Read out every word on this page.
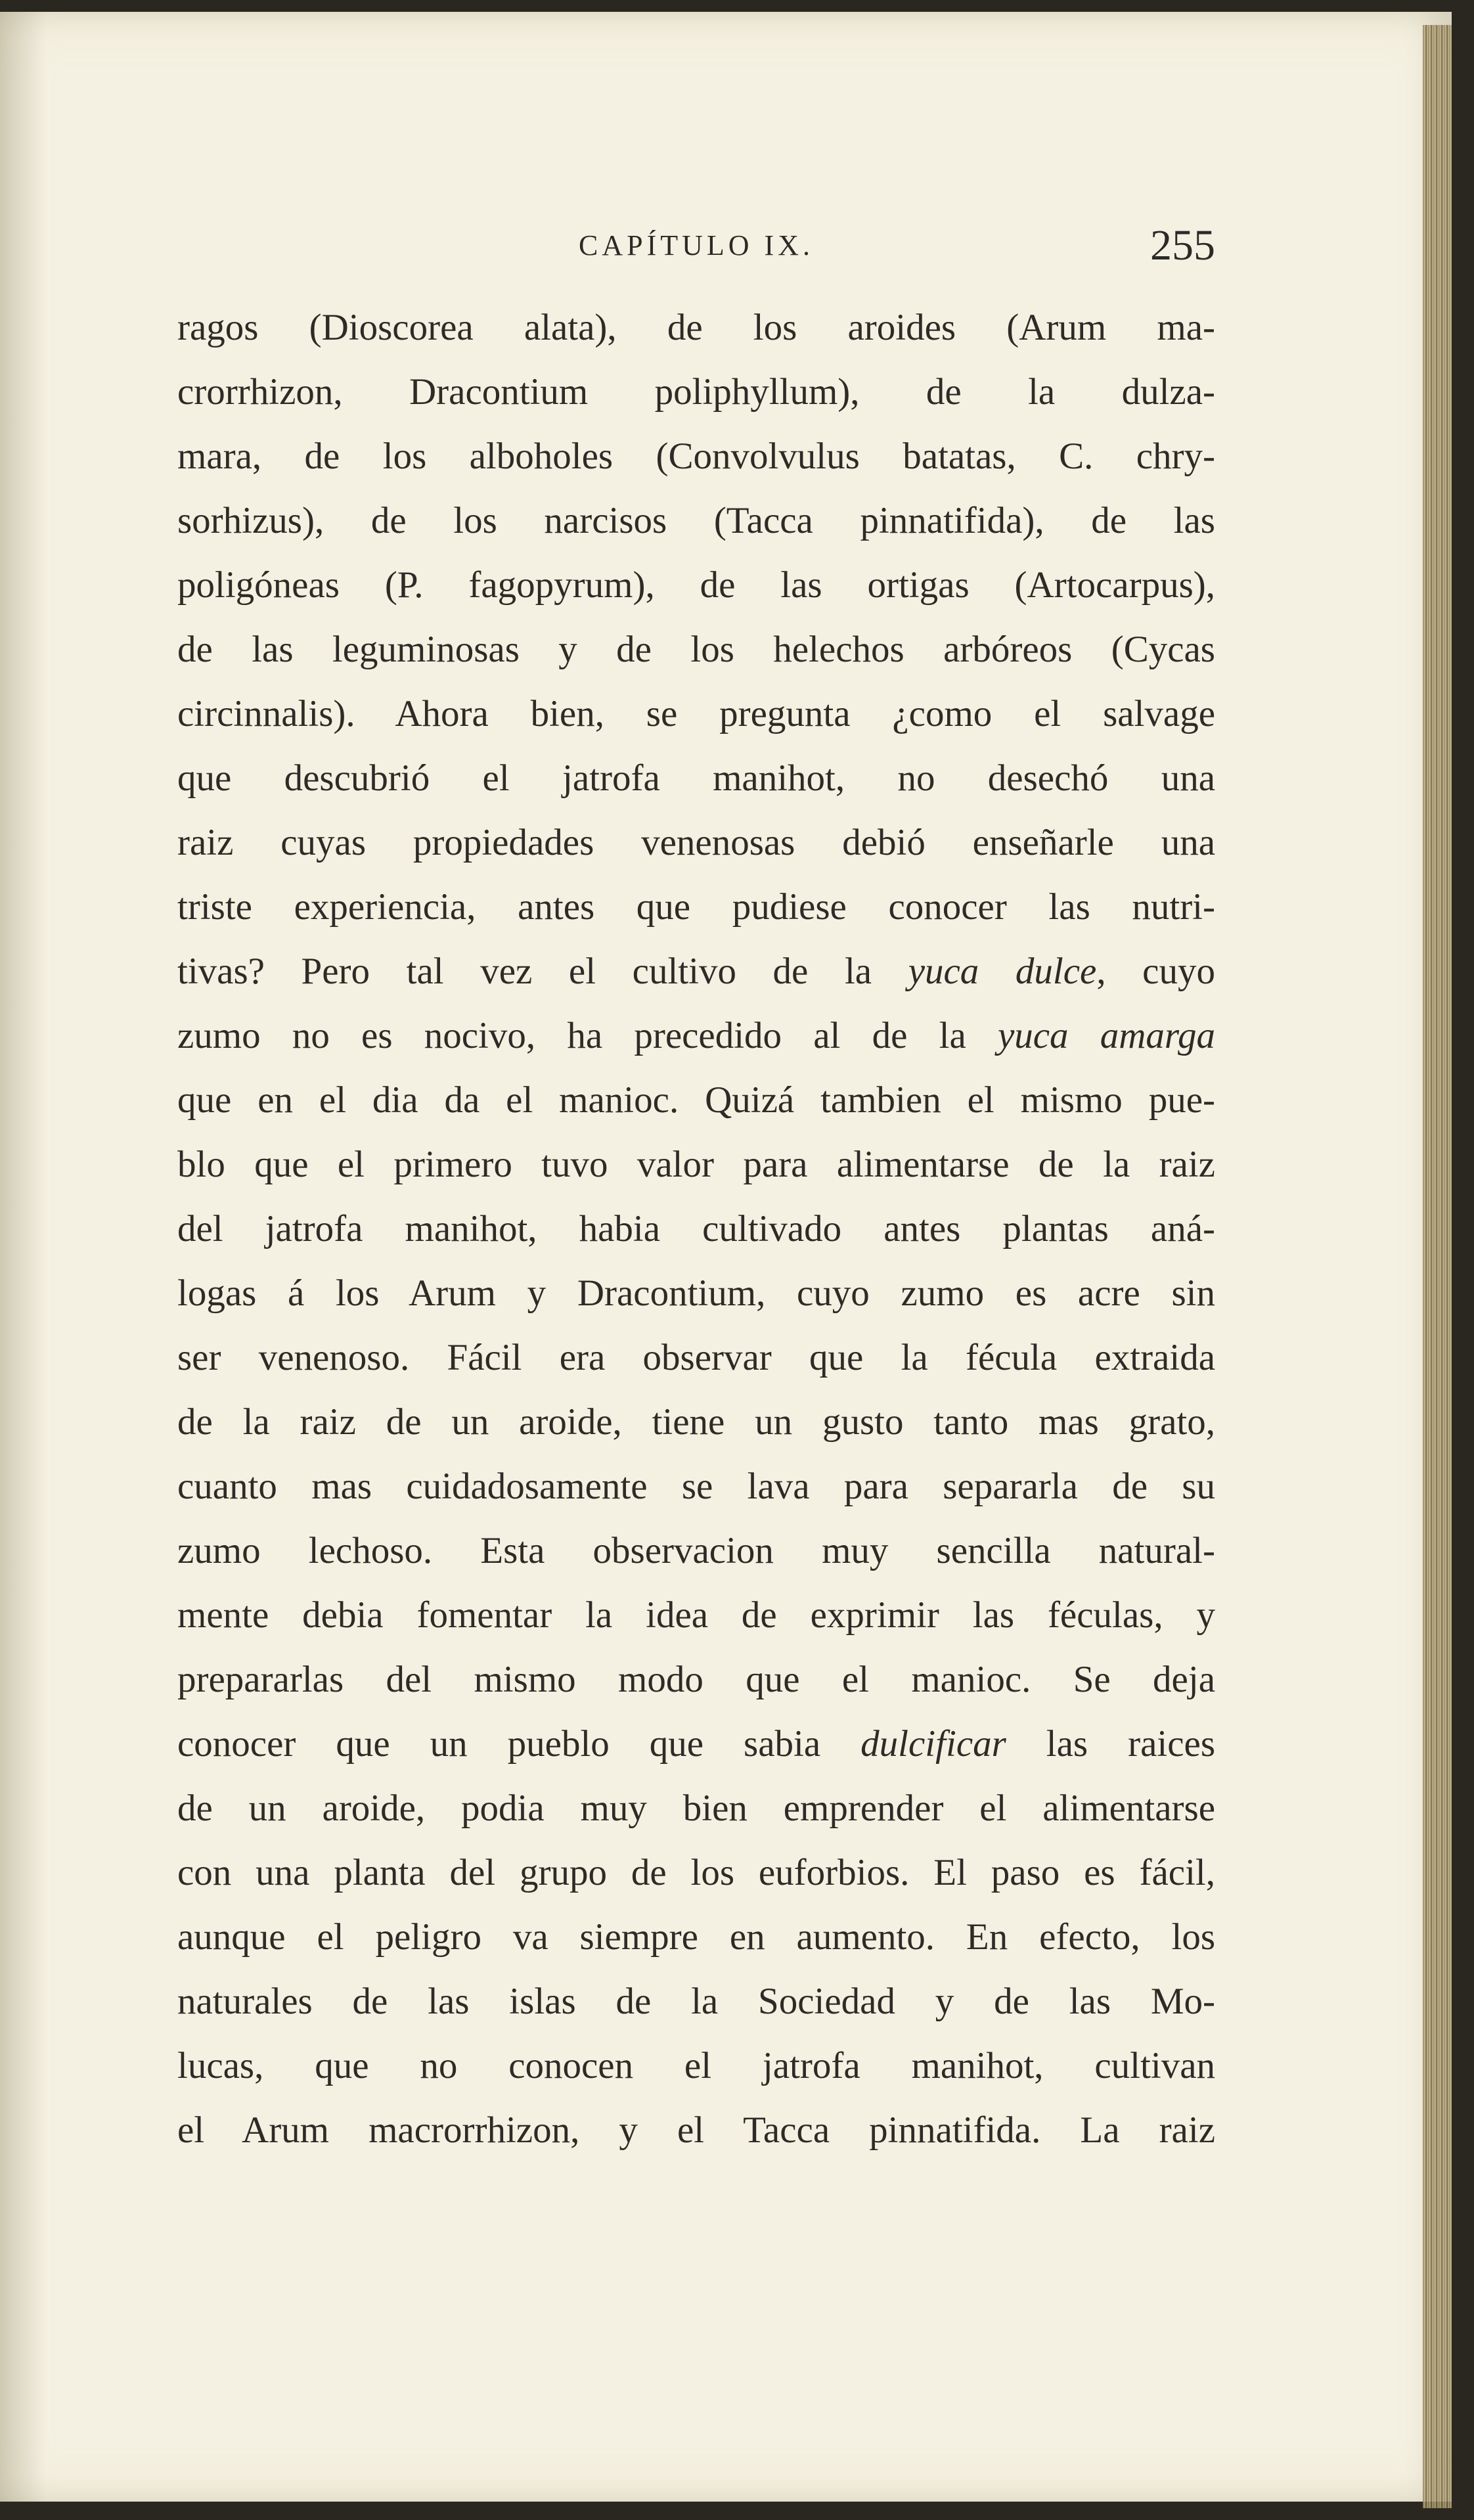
CAPÍTULO IX.	255
ragos (Dioscorea alata), de los aroides (Arum ma-
crorrhizon, Dracontium poliphyllum), de la dulza-
mara, de los alboholes (Convolvulus batatas, C. chry-
sorhizus), de los narcisos (Tacca pinnatifida), de las
poligóneas (P. fagopyrum), de las ortigas (Artocarpus),
de las leguminosas y de los helechos arbóreos (Cycas
circinnalis). Ahora bien, se pregunta ¿como el salvage
que descubrió el jatrofa manihot, no desechó una
raiz cuyas propiedades venenosas debió enseñarle una
triste experiencia, antes que pudiese conocer las nutri-
tivas? Pero tal vez el cultivo de la yuca dulce, cuyo
zumo no es nocivo, ha precedido al de la yuca amarga
que en el dia da el manioc. Quizá tambien el mismo pue-
blo que el primero tuvo valor para alimentarse de la raiz
del jatrofa manihot, habia cultivado antes plantas aná-
logas á los Arum y Dracontium, cuyo zumo es acre sin
ser venenoso. Fácil era observar que la fécula extraida
de la raiz de un aroide, tiene un gusto tanto mas grato,
cuanto mas cuidadosamente se lava para separarla de su
zumo lechoso. Esta observacion muy sencilla natural-
mente debia fomentar la idea de exprimir las féculas, y
prepararlas del mismo modo que el manioc. Se deja
conocer que un pueblo que sabia dulcificar las raices
de un aroide, podia muy bien emprender el alimentarse
con una planta del grupo de los euforbios. El paso es fácil,
aunque el peligro va siempre en aumento. En efecto, los
naturales de las islas de la Sociedad y de las Mo-
lucas, que no conocen el jatrofa manihot, cultivan
el Arum macrorrhizon, y el Tacca pinnatifida. La raiz
